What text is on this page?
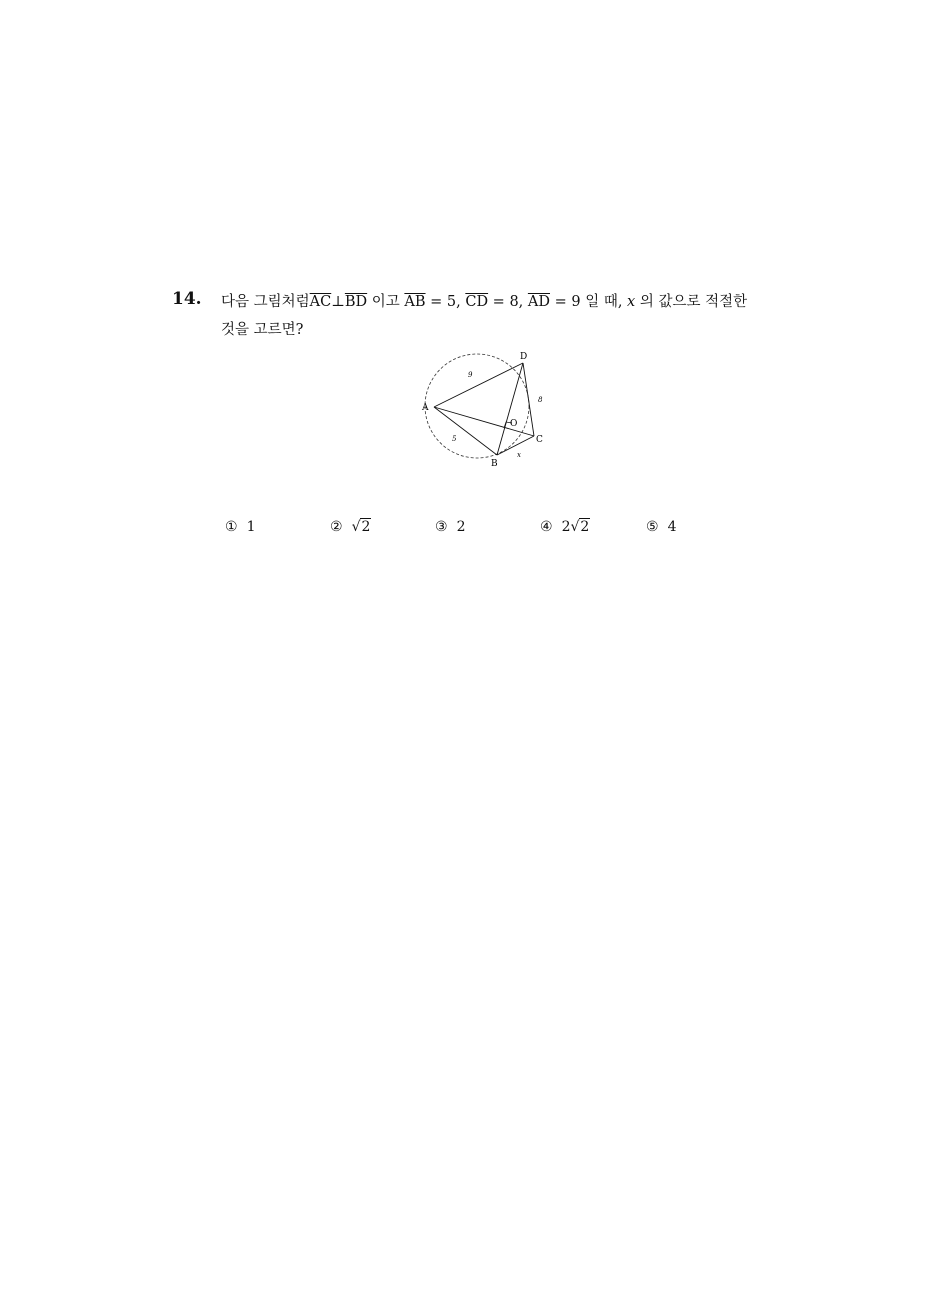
14. 다음 그림처럼$\overline{AC}\perp\overline{BD}$ 이고 $\overline{AB} = 5$, $\overline{CD} = 8$, $\overline{AD} = 9$ 일 때, x 의 값으로 적절한
것을 고르면?
D
A
C
B
O
9
8
5
x
① 1	② √2	③ 2	④ 2√2	⑤ 4
